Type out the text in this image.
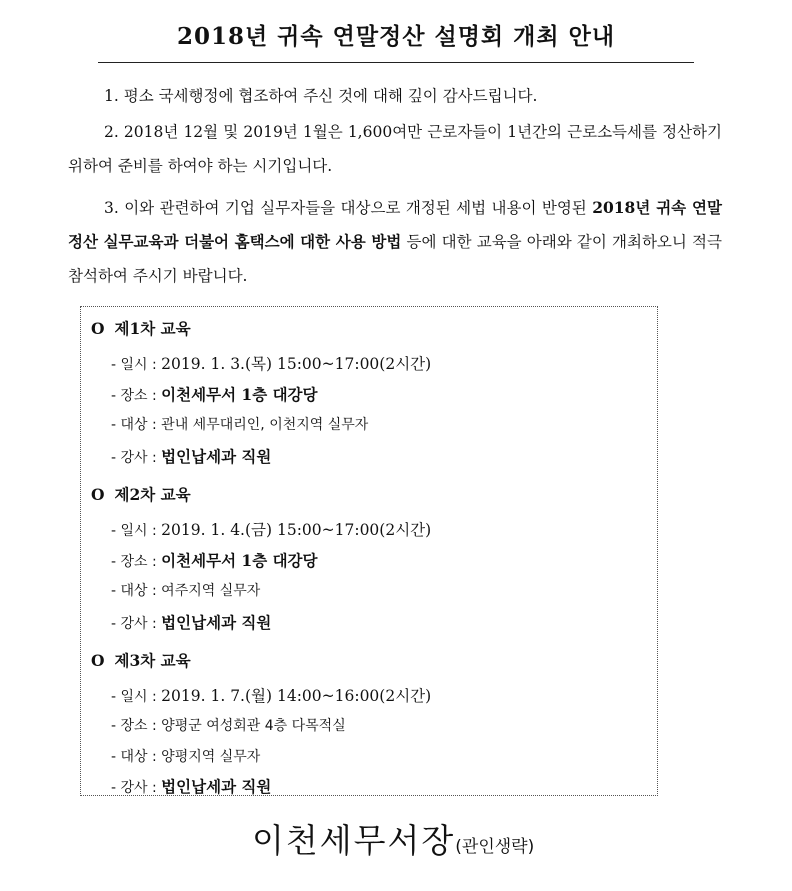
2018년 귀속 연말정산 설명회 개최 안내

1. 평소 국세행정에 협조하여 주신 것에 대해 깊이 감사드립니다.

2. 2018년 12월 및 2019년 1월은 1,600여만 근로자들이 1년간의 근로소득세를 정산하기 위하여 준비를 하여야 하는 시기입니다.

3. 이와 관련하여 기업 실무자들을 대상으로 개정된 세법 내용이 반영된 2018년 귀속 연말정산 실무교육과 더불어 홈택스에 대한 사용 방법 등에 대한 교육을 아래와 같이 개최하오니 적극 참석하여 주시기 바랍니다.

O 제1차 교육
- 일시 : 2019. 1. 3.(목) 15:00~17:00(2시간)
- 장소 : 이천세무서 1층 대강당
- 대상 : 관내 세무대리인, 이천지역 실무자
- 강사 : 법인납세과 직원
O 제2차 교육
- 일시 : 2019. 1. 4.(금) 15:00~17:00(2시간)
- 장소 : 이천세무서 1층 대강당
- 대상 : 여주지역 실무자
- 강사 : 법인납세과 직원
O 제3차 교육
- 일시 : 2019. 1. 7.(월) 14:00~16:00(2시간)
- 장소 : 양평군 여성회관 4층 다목적실
- 대상 : 양평지역 실무자
- 강사 : 법인납세과 직원
이천세무서장(관인생략)
